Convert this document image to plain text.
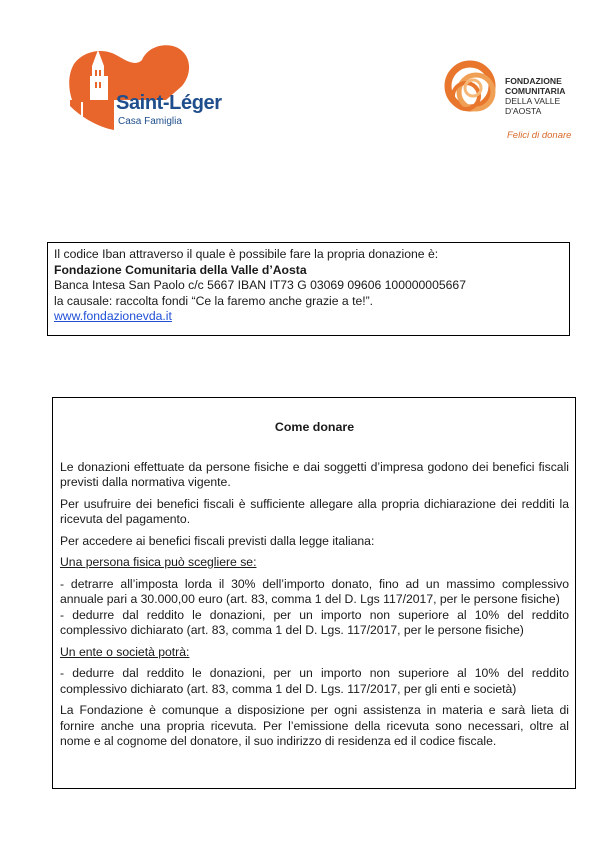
Saint-Léger
Casa Famiglia
FONDAZIONE
COMUNITARIA
DELLA VALLE
D'AOSTA
Felici di donare

Il codice Iban attraverso il quale è possibile fare la propria donazione è:

Fondazione Comunitaria della Valle d’Aosta

Banca Intesa San Paolo c/c 5667 IBAN IT73 G 03069 09606 100000005667

la causale: raccolta fondi “Ce la faremo anche grazie a te!”.

www.fondazionevda.it

Come donare

Le donazioni effettuate da persone fisiche e dai soggetti d’impresa godono dei benefici fiscali previsti dalla normativa vigente.

Per usufruire dei benefici fiscali è sufficiente allegare alla propria dichiarazione dei redditi la ricevuta del pagamento.

Per accedere ai benefici fiscali previsti dalla legge italiana:

Una persona fisica può scegliere se:

- detrarre all’imposta lorda il 30% dell’importo donato, fino ad un massimo complessivo annuale pari a 30.000,00 euro (art. 83, comma 1 del D. Lgs 117/2017, per le persone fisiche)

- dedurre dal reddito le donazioni, per un importo non superiore al 10% del reddito complessivo dichiarato (art. 83, comma 1 del D. Lgs. 117/2017, per le persone fisiche)

Un ente o società potrà:

- dedurre dal reddito le donazioni, per un importo non superiore al 10% del reddito complessivo dichiarato (art. 83, comma 1 del D. Lgs. 117/2017, per gli enti e società)

La Fondazione è comunque a disposizione per ogni assistenza in materia e sarà lieta di fornire anche una propria ricevuta. Per l’emissione della ricevuta sono necessari, oltre al nome e al cognome del donatore, il suo indirizzo di residenza ed il codice fiscale.
